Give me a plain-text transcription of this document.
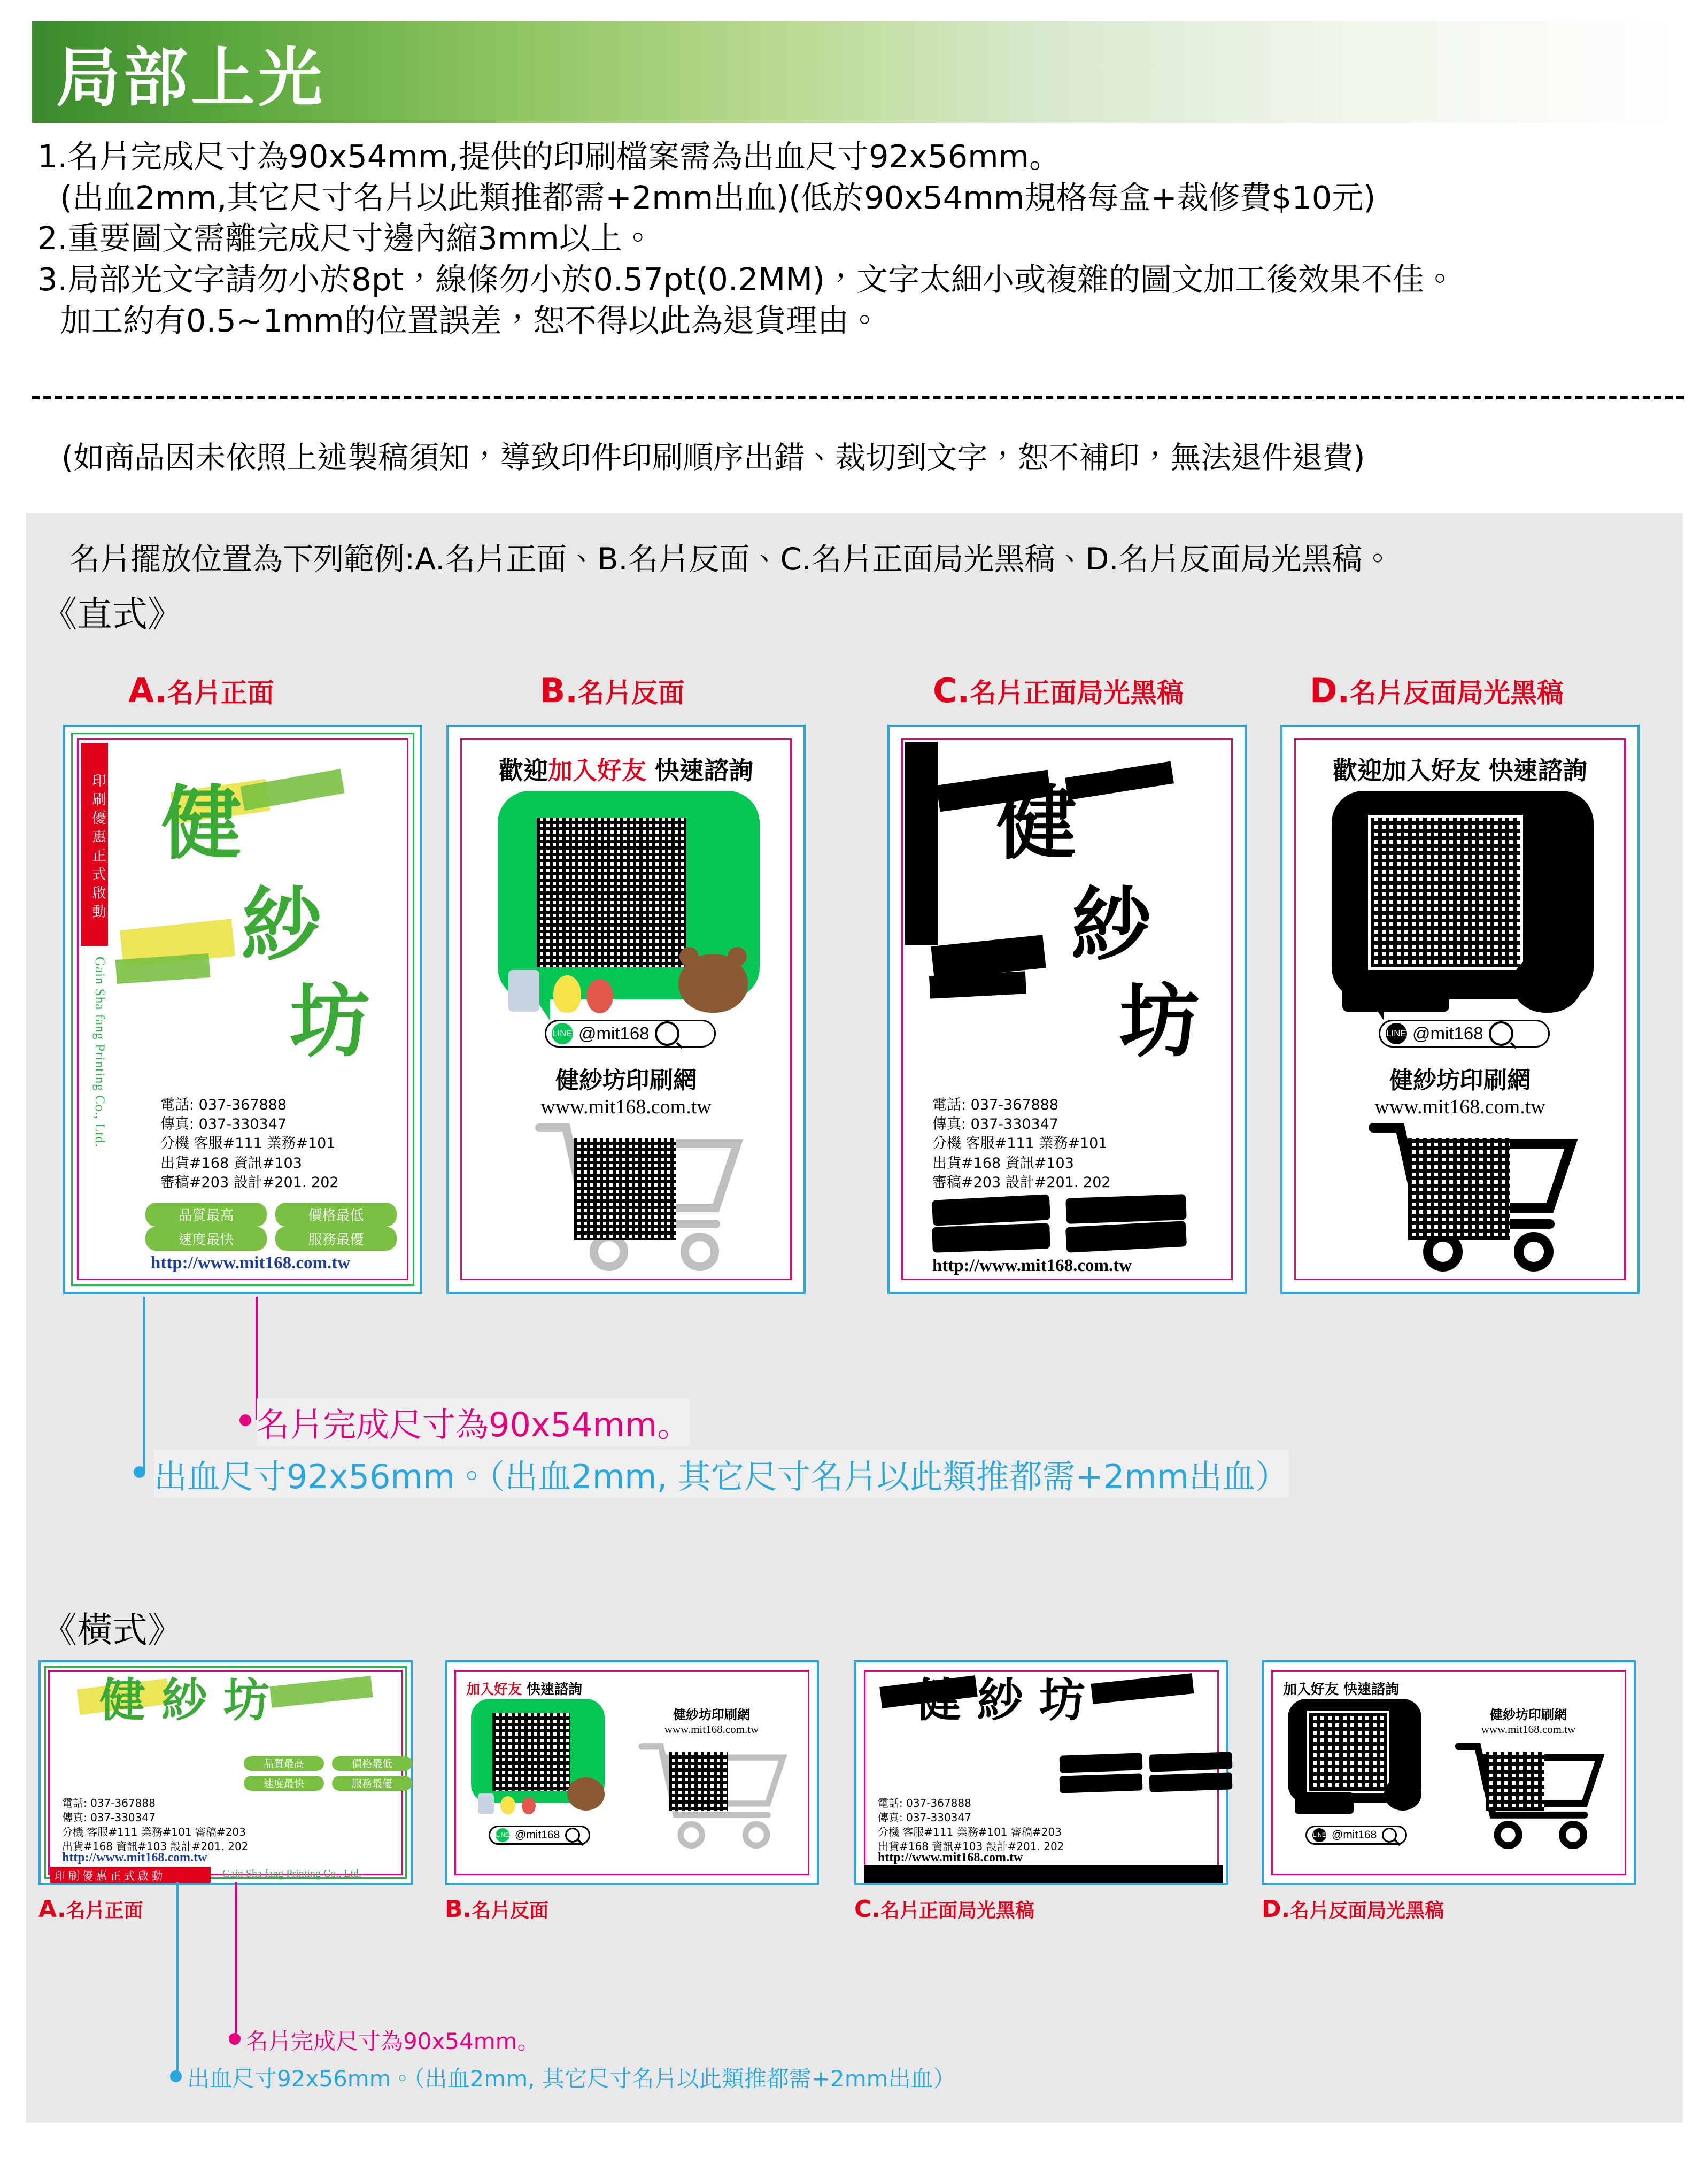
局部上光
1.名片完成尺寸為90x54mm,提供的印刷檔案需為出血尺寸92x56mm。
(出血2mm,其它尺寸名片以此類推都需+2mm出血)(低於90x54mm規格每盒+裁修費$10元)
2.重要圖文需離完成尺寸邊內縮3mm以上。
3.局部光文字請勿小於8pt，線條勿小於0.57pt(0.2MM)，文字太細小或複雜的圖文加工後效果不佳。
加工約有0.5~1mm的位置誤差，恕不得以此為退貨理由。
(如商品因未依照上述製稿須知，導致印件印刷順序出錯、裁切到文字，恕不補印，無法退件退費)
名片擺放位置為下列範例:A.名片正面、B.名片反面、C.名片正面局光黑稿、D.名片反面局光黑稿。
《直式》
A.名片正面	B.名片反面	C.名片正面局光黑稿	D.名片反面局光黑稿
印刷優惠正式啟動
Gain Sha fang Printing Co., Ltd.
健
紗
坊
電話: 037-367888
傳真: 037-330347
分機 客服#111 業務#101
出貨#168 資訊#103
審稿#203 設計#201. 202
品質最高	價格最低
速度最快	服務最優
http://www.mit168.com.tw
歡迎加入好友 快速諮詢
LINE @mit168
健紗坊印刷網
www.mit168.com.tw
健
紗
坊
電話: 037-367888
傳真: 037-330347
分機 客服#111 業務#101
出貨#168 資訊#103
審稿#203 設計#201. 202
http://www.mit168.com.tw
歡迎加入好友 快速諮詢
LINE @mit168
健紗坊印刷網
www.mit168.com.tw
名片完成尺寸為90x54mm。
出血尺寸92x56mm。（出血2mm, 其它尺寸名片以此類推都需+2mm出血）
《橫式》
健 紗 坊
品質最高	價格最低
速度最快	服務最優
電話: 037-367888
傳真: 037-330347
分機 客服#111 業務#101 審稿#203
出貨#168 資訊#103 設計#201. 202
http://www.mit168.com.tw
印刷優惠正式啟動	Gain Sha fang Printing Co., Ltd.
A.名片正面
加入好友 快速諮詢
LINE @mit168
健紗坊印刷網
www.mit168.com.tw
B.名片反面
健 紗 坊
電話: 037-367888
傳真: 037-330347
分機 客服#111 業務#101 審稿#203
出貨#168 資訊#103 設計#201. 202
http://www.mit168.com.tw
C.名片正面局光黑稿
加入好友 快速諮詢
LINE @mit168
健紗坊印刷網
www.mit168.com.tw
D.名片反面局光黑稿
名片完成尺寸為90x54mm。
出血尺寸92x56mm。（出血2mm, 其它尺寸名片以此類推都需+2mm出血）
